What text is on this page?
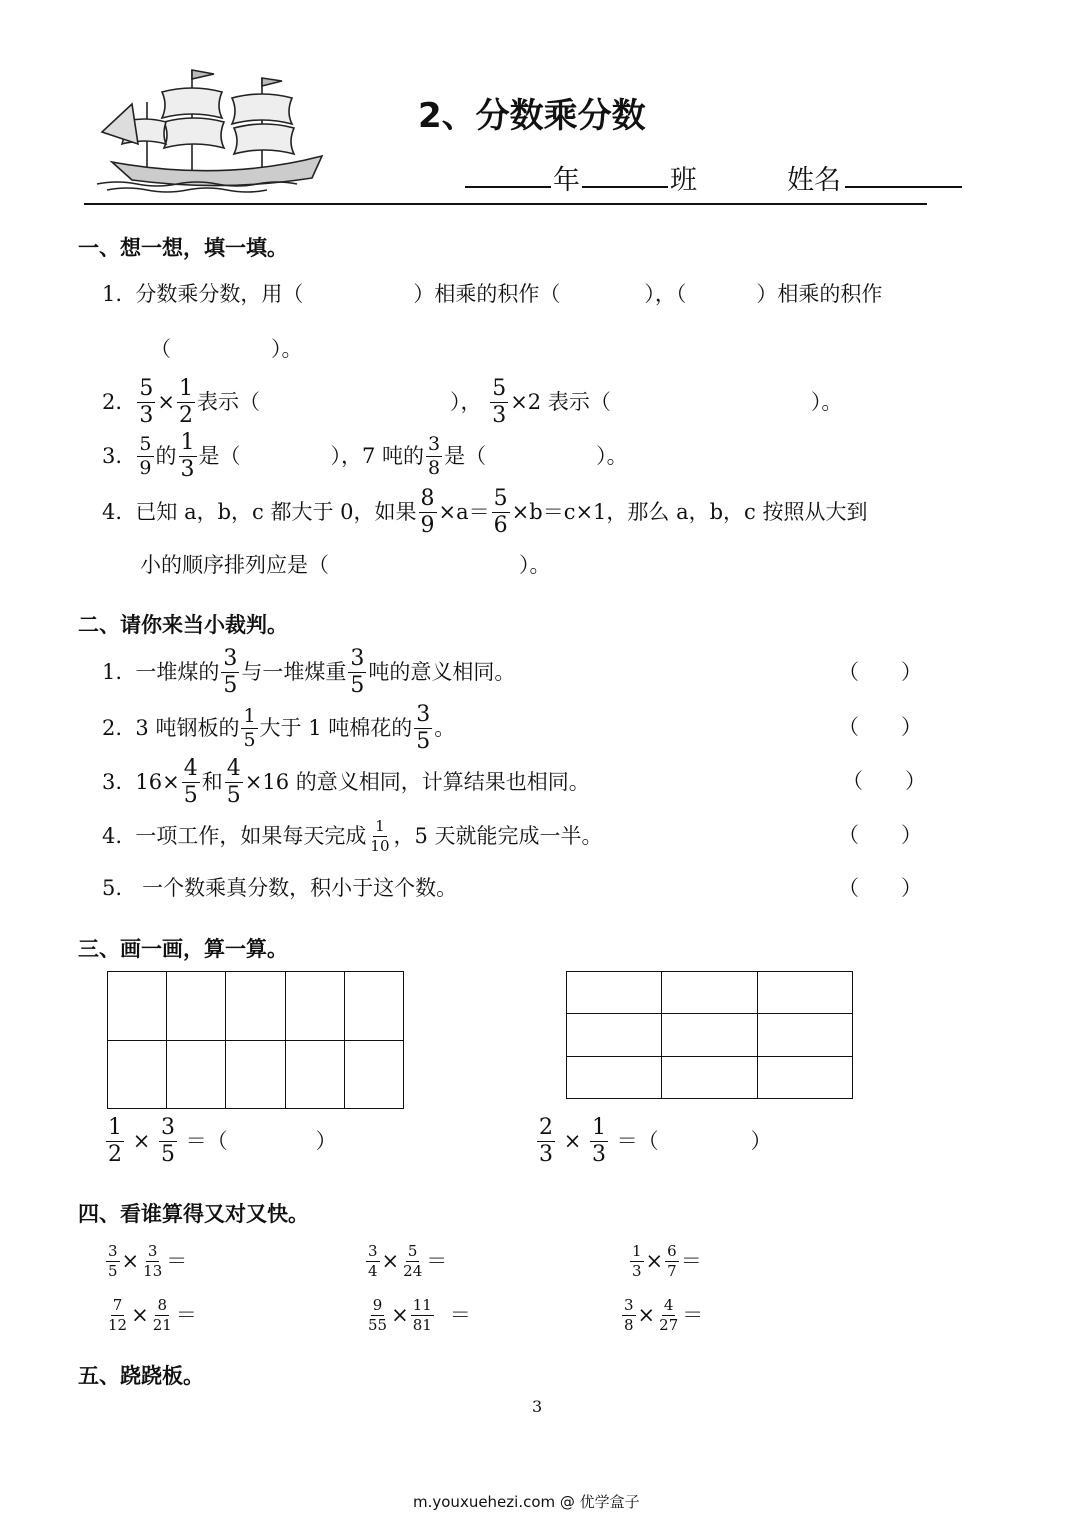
2、分数乘分数
年	班	姓名
一、想一想，填一填。
1. 分数乘分数，用（	）相乘的积作（	），（	）相乘的积作
（	）。
2.
$\frac{5}{3} \times \frac{1}{2}$ 表示（	），
$\frac{5}{3} \times 2$ 表示（	）。
3.
$\frac{5}{9}$ 的 $\frac{1}{3}$ 是（	），7 吨的 $\frac{3}{8}$ 是（	）。
4.
已知 a，b，c 都大于 0，如果 $\frac{8}{9} \times a= \frac{5}{6} \times b=c\times 1$，那么 a，b，c 按照从大到
小的顺序排列应是（	）。
二、请你来当小裁判。
1.
一堆煤的 $\frac{3}{5}$ 与一堆煤重 $\frac{3}{5}$ 吨的意义相同。	（　　）
2.
3 吨钢板的 $\frac{1}{5}$ 大于 1 吨棉花的 $\frac{3}{5}$ 。	（　　）
3.
$16\times \frac{4}{5}$ 和 $\frac{4}{5} \times 16$ 的意义相同，计算结果也相同。	（　　）
4.
一项工作，如果每天完成 $\frac{1}{10}$ ，5 天就能完成一半。	（　　）
5. 一个数乘真分数，积小于这个数。	（　　）
三、画一画，算一算。

$\frac{1}{2}$
×
$\frac{3}{5}$
＝（	）	$\frac{2}{3}$
×
$\frac{1}{3}$
＝（	）
四、看谁算得又对又快。
$\frac{3}{5} \times \frac{3}{13}$ ＝	$\frac{3}{4} \times \frac{5}{24}$ ＝	$\frac{1}{3} \times \frac{6}{7}$ ＝
$\frac{7}{12} \times \frac{8}{21}$ ＝	$\frac{9}{55} \times \frac{11}{81}$ ＝	$\frac{3}{8} \times \frac{4}{27}$ ＝
五、跷跷板。
3
m.youxuehezi.com @ 优学盒子
